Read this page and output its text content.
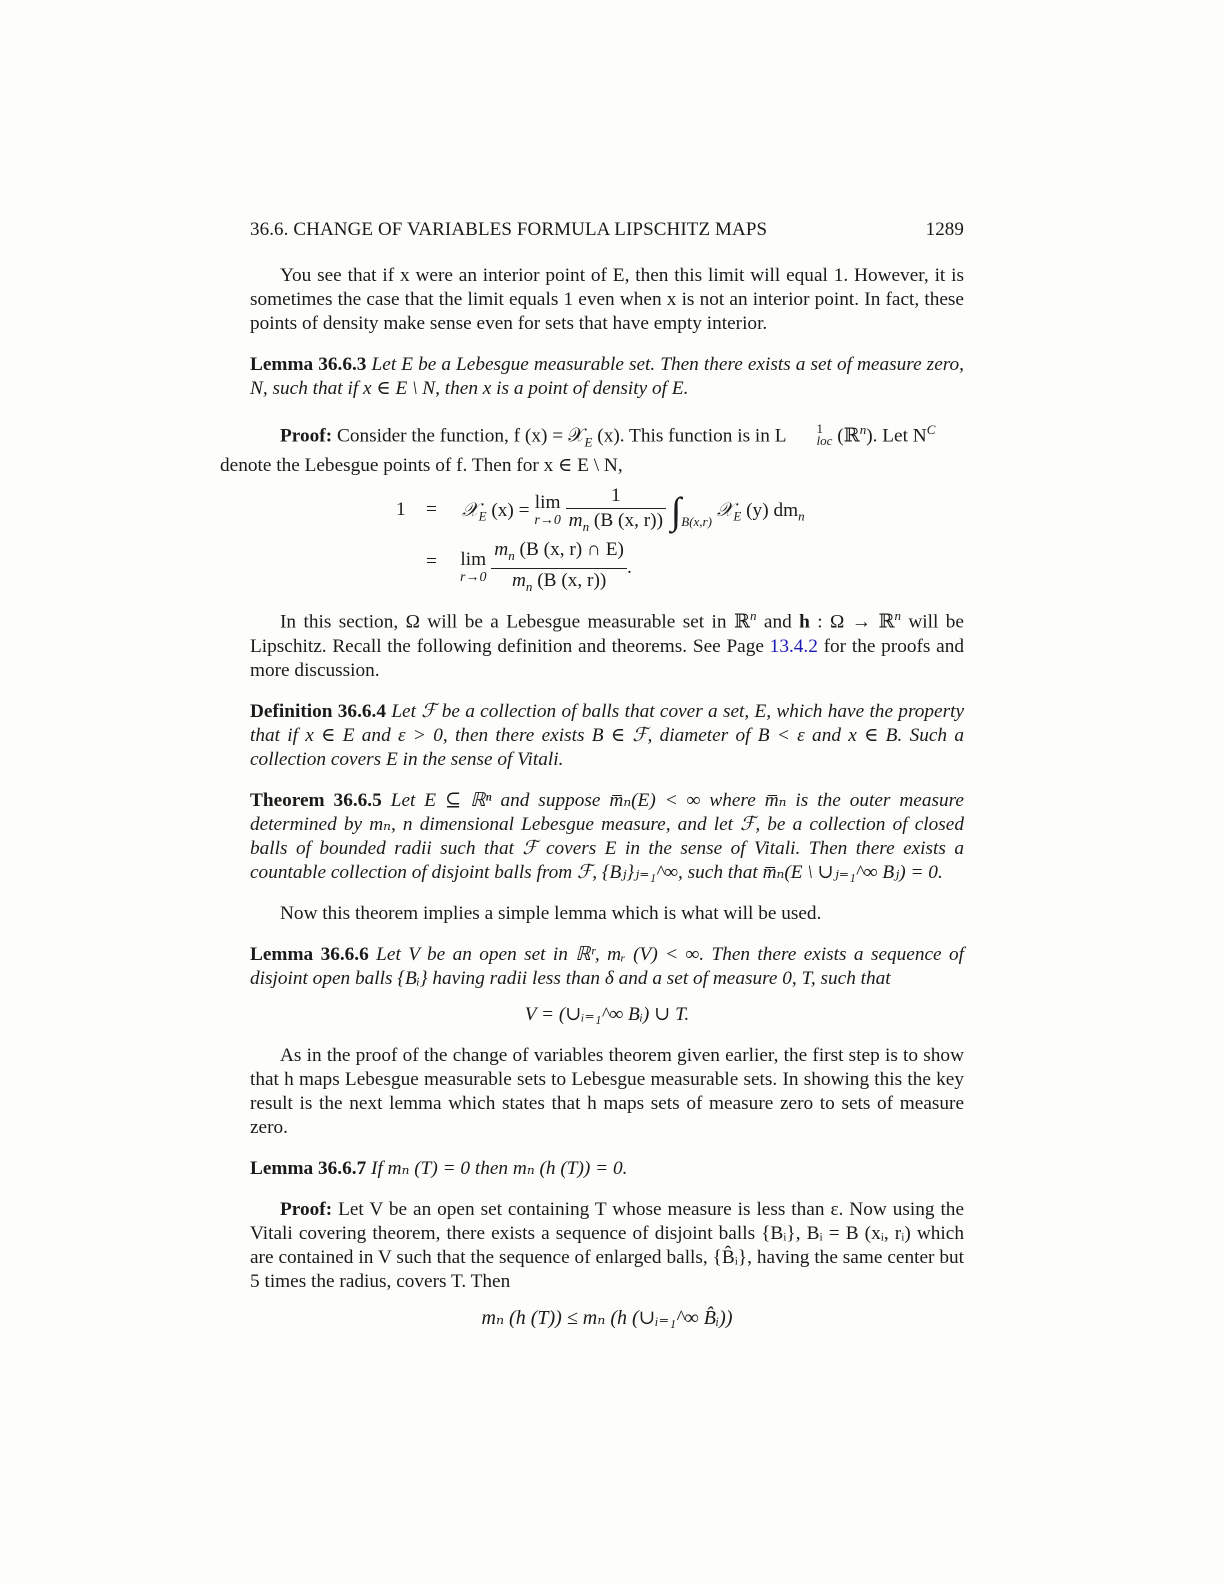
36.6. CHANGE OF VARIABLES FORMULA LIPSCHITZ MAPS	1289

You see that if x were an interior point of E, then this limit will equal 1. However, it is sometimes the case that the limit equals 1 even when x is not an interior point. In fact, these points of density make sense even for sets that have empty interior.

Lemma 36.6.3 Let E be a Lebesgue measurable set. Then there exists a set of measure zero, N, such that if x ∈ E \ N, then x is a point of density of E.

Proof: Consider the function, f (x) = 𝒳$_E$ (x). This function is in L	1
loc (ℝ$^n$). Let $N^C$
denote the Lebesgue points of f. Then for x ∈ E \ N,

1 = 𝒳$_E$ (x) = lim
r→0
$\frac{1}{m_n (B (x, r))} \int_{B(x,r)}$ 𝒳$_E$ (y) $dm_n$
= lim
r→0
$\frac{m_n (B (x, r) \cap E)}{m_n (B (x, r))}$ .

In this section, Ω will be a Lebesgue measurable set in ℝ$^n$ and h : Ω → ℝ$^n$ will be Lipschitz. Recall the following definition and theorems. See Page 13.4.2 for the proofs and more discussion.

Definition 36.6.4 Let ℱ be a collection of balls that cover a set, E, which have the property that if x ∈ E and ε > 0, then there exists B ∈ ℱ, diameter of B < ε and x ∈ B. Such a collection covers E in the sense of Vitali.

Theorem 36.6.5 Let E ⊆ ℝⁿ and suppose m̅ₙ(E) < ∞ where m̅ₙ is the outer measure determined by mₙ, n dimensional Lebesgue measure, and let ℱ, be a collection of closed balls of bounded radii such that ℱ covers E in the sense of Vitali. Then there exists a countable collection of disjoint balls from ℱ, {Bⱼ}ⱼ₌₁^∞, such that m̅ₙ(E \ ∪ⱼ₌₁^∞ Bⱼ) = 0.

Now this theorem implies a simple lemma which is what will be used.

Lemma 36.6.6 Let V be an open set in ℝʳ, mᵣ (V) < ∞. Then there exists a sequence of disjoint open balls {Bᵢ} having radii less than δ and a set of measure 0, T, such that

V = (∪ᵢ₌₁^∞ Bᵢ) ∪ T.

As in the proof of the change of variables theorem given earlier, the first step is to show that h maps Lebesgue measurable sets to Lebesgue measurable sets. In showing this the key result is the next lemma which states that h maps sets of measure zero to sets of measure zero.

Lemma 36.6.7 If mₙ (T) = 0 then mₙ (h (T)) = 0.

Proof: Let V be an open set containing T whose measure is less than ε. Now using the Vitali covering theorem, there exists a sequence of disjoint balls {Bᵢ}, Bᵢ = B (xᵢ, rᵢ) which are contained in V such that the sequence of enlarged balls, {B̂ᵢ}, having the same center but 5 times the radius, covers T. Then

mₙ (h (T)) ≤ mₙ (h (∪ᵢ₌₁^∞ B̂ᵢ))
